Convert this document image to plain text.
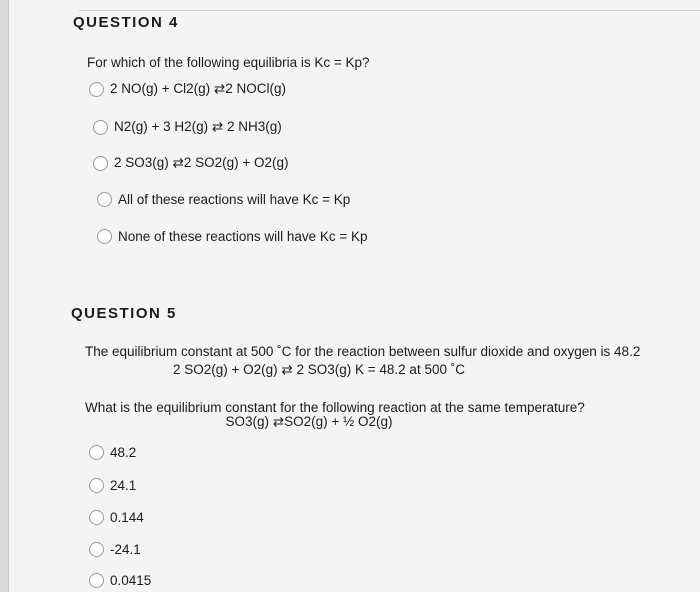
QUESTION 4
For which of the following equilibria is Kc = Kp?
2 NO(g) + Cl2(g) ⇄2 NOCl(g)
N2(g) + 3 H2(g) ⇄ 2 NH3(g)
2 SO3(g) ⇄2 SO2(g) + O2(g)
All of these reactions will have Kc = Kp
None of these reactions will have Kc = Kp
QUESTION 5
The equilibrium constant at 500 ˚C for the reaction between sulfur dioxide and oxygen is 48.2
2 SO2(g) + O2(g) ⇄ 2 SO3(g) K = 48.2 at 500 ˚C
What is the equilibrium constant for the following reaction at the same temperature?
SO3(g) ⇄SO2(g) + ½ O2(g)
48.2
24.1
0.144
-24.1
0.0415
